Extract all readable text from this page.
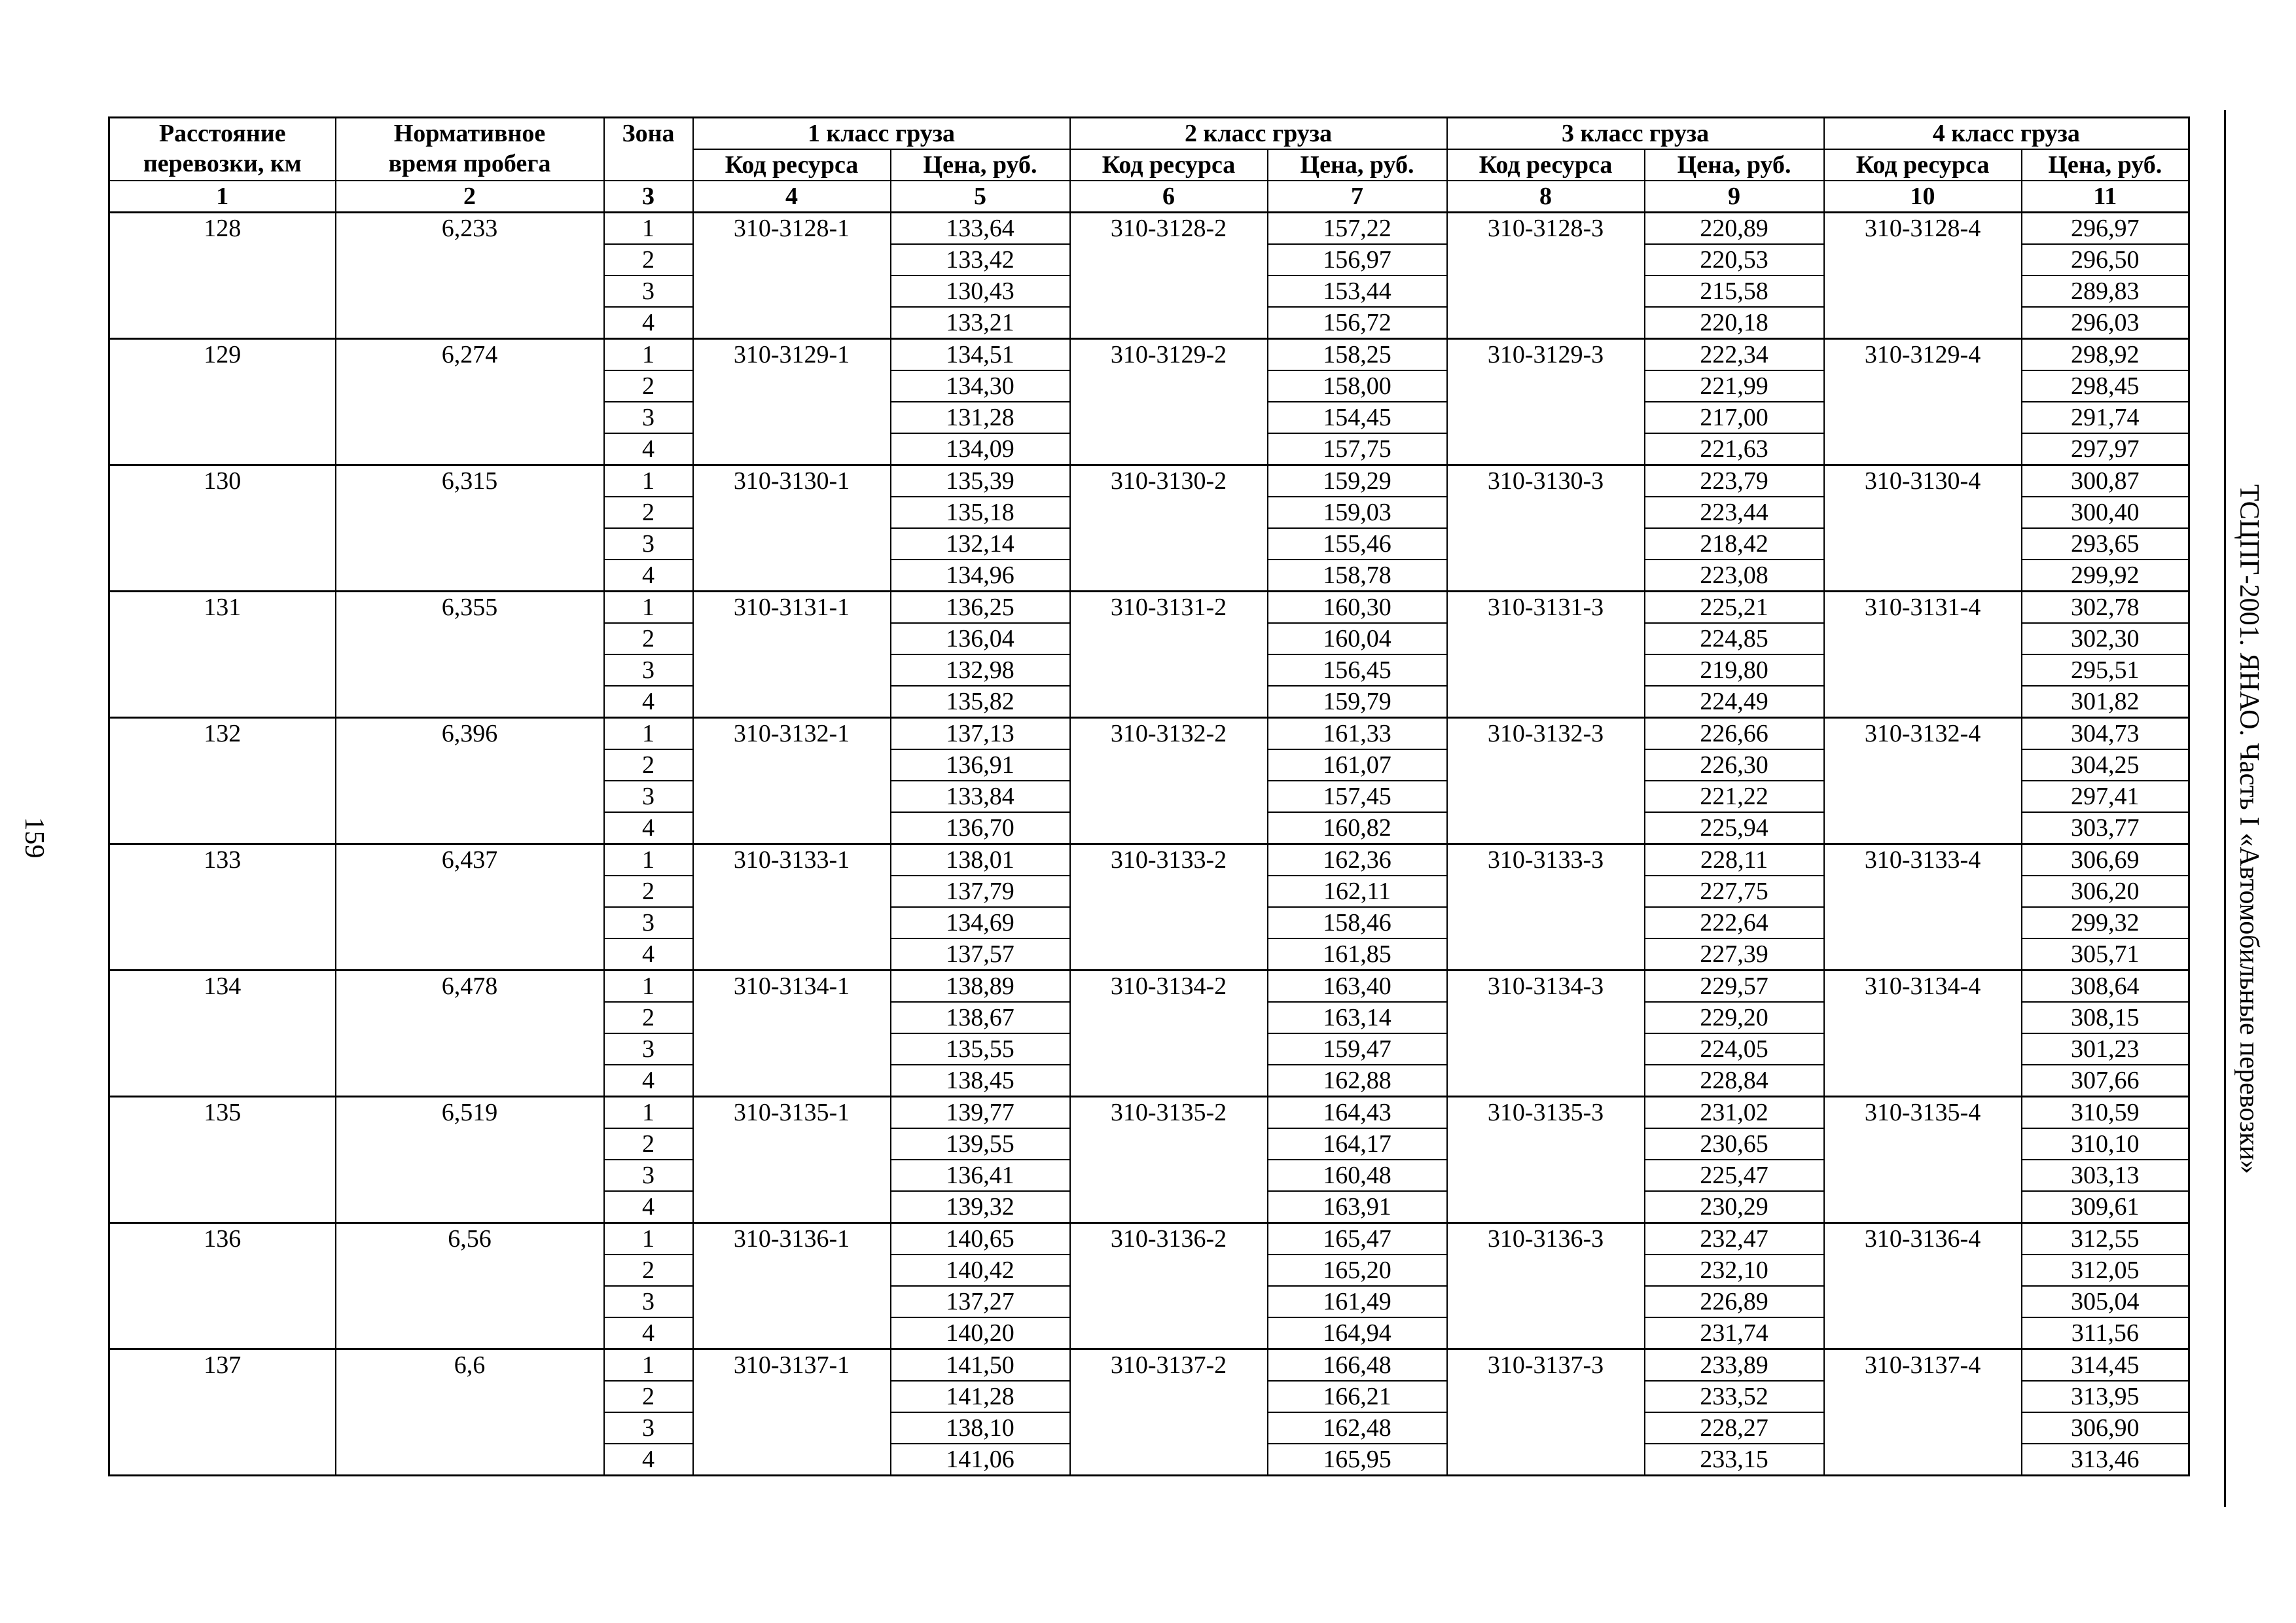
159	ТСЦПГ-2001. ЯНАО. Часть I «Автомобильные перевозки»
Расстояние перевозки, км	Нормативное время пробега	Зона	1 класс груза		2 класс груза		3 класс груза		4 класс груза	
			Код ресурса	Цена, руб.	Код ресурса	Цена, руб.	Код ресурса	Цена, руб.	Код ресурса	Цена, руб.
1	2	3	4	5	6	7	8	9	10	11
128	6,233	1	310-3128-1	133,64	310-3128-2	157,22	310-3128-3	220,89	310-3128-4	296,97
		2		133,42		156,97		220,53		296,50
		3		130,43		153,44		215,58		289,83
		4		133,21		156,72		220,18		296,03
129	6,274	1	310-3129-1	134,51	310-3129-2	158,25	310-3129-3	222,34	310-3129-4	298,92
		2		134,30		158,00		221,99		298,45
		3		131,28		154,45		217,00		291,74
		4		134,09		157,75		221,63		297,97
130	6,315	1	310-3130-1	135,39	310-3130-2	159,29	310-3130-3	223,79	310-3130-4	300,87
		2		135,18		159,03		223,44		300,40
		3		132,14		155,46		218,42		293,65
		4		134,96		158,78		223,08		299,92
131	6,355	1	310-3131-1	136,25	310-3131-2	160,30	310-3131-3	225,21	310-3131-4	302,78
		2		136,04		160,04		224,85		302,30
		3		132,98		156,45		219,80		295,51
		4		135,82		159,79		224,49		301,82
132	6,396	1	310-3132-1	137,13	310-3132-2	161,33	310-3132-3	226,66	310-3132-4	304,73
		2		136,91		161,07		226,30		304,25
		3		133,84		157,45		221,22		297,41
		4		136,70		160,82		225,94		303,77
133	6,437	1	310-3133-1	138,01	310-3133-2	162,36	310-3133-3	228,11	310-3133-4	306,69
		2		137,79		162,11		227,75		306,20
		3		134,69		158,46		222,64		299,32
		4		137,57		161,85		227,39		305,71
134	6,478	1	310-3134-1	138,89	310-3134-2	163,40	310-3134-3	229,57	310-3134-4	308,64
		2		138,67		163,14		229,20		308,15
		3		135,55		159,47		224,05		301,23
		4		138,45		162,88		228,84		307,66
135	6,519	1	310-3135-1	139,77	310-3135-2	164,43	310-3135-3	231,02	310-3135-4	310,59
		2		139,55		164,17		230,65		310,10
		3		136,41		160,48		225,47		303,13
		4		139,32		163,91		230,29		309,61
136	6,56	1	310-3136-1	140,65	310-3136-2	165,47	310-3136-3	232,47	310-3136-4	312,55
		2		140,42		165,20		232,10		312,05
		3		137,27		161,49		226,89		305,04
		4		140,20		164,94		231,74		311,56
137	6,6	1	310-3137-1	141,50	310-3137-2	166,48	310-3137-3	233,89	310-3137-4	314,45
		2		141,28		166,21		233,52		313,95
		3		138,10		162,48		228,27		306,90
		4		141,06		165,95		233,15		313,46
